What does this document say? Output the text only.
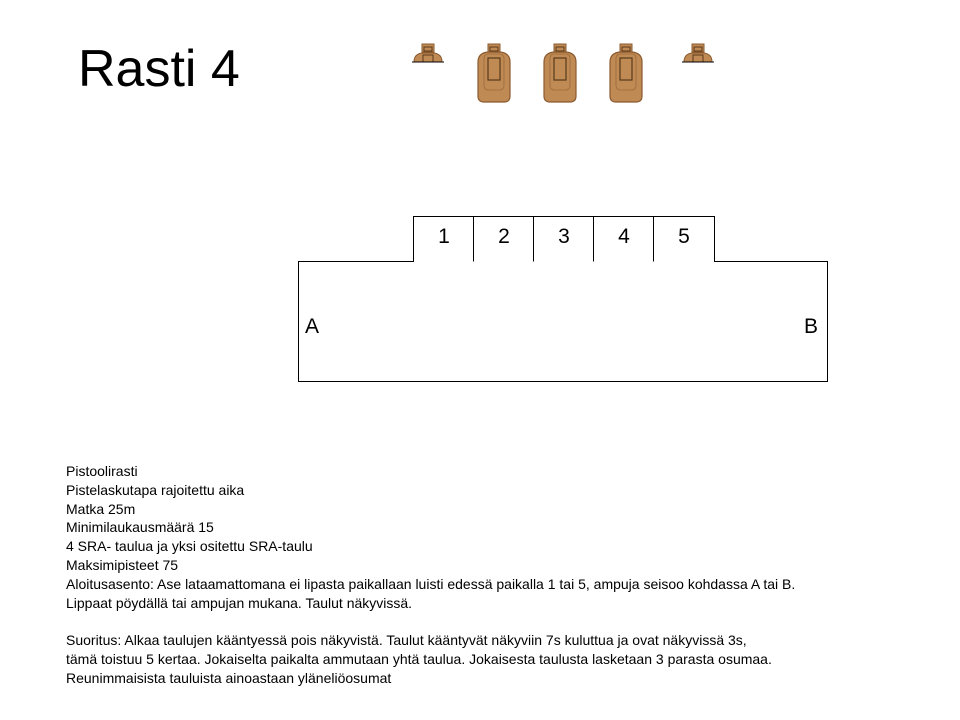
Rasti 4
1	2	3	4	5
A	B
Pistoolirasti
Pistelaskutapa rajoitettu aika
Matka 25m
Minimilaukausmäärä 15
4 SRA- taulua ja yksi ositettu SRA-taulu
Maksimipisteet 75
Aloitusasento: Ase lataamattomana ei lipasta paikallaan luisti edessä paikalla 1 tai 5, ampuja seisoo kohdassa A tai B.
Lippaat pöydällä tai ampujan mukana. Taulut näkyvissä.
Suoritus: Alkaa taulujen kääntyessä pois näkyvistä. Taulut kääntyvät näkyviin 7s kuluttua ja ovat näkyvissä 3s,
tämä toistuu 5 kertaa. Jokaiselta paikalta ammutaan yhtä taulua. Jokaisesta taulusta lasketaan 3 parasta osumaa.
Reunimmaisista tauluista ainoastaan yläneliöosumat
